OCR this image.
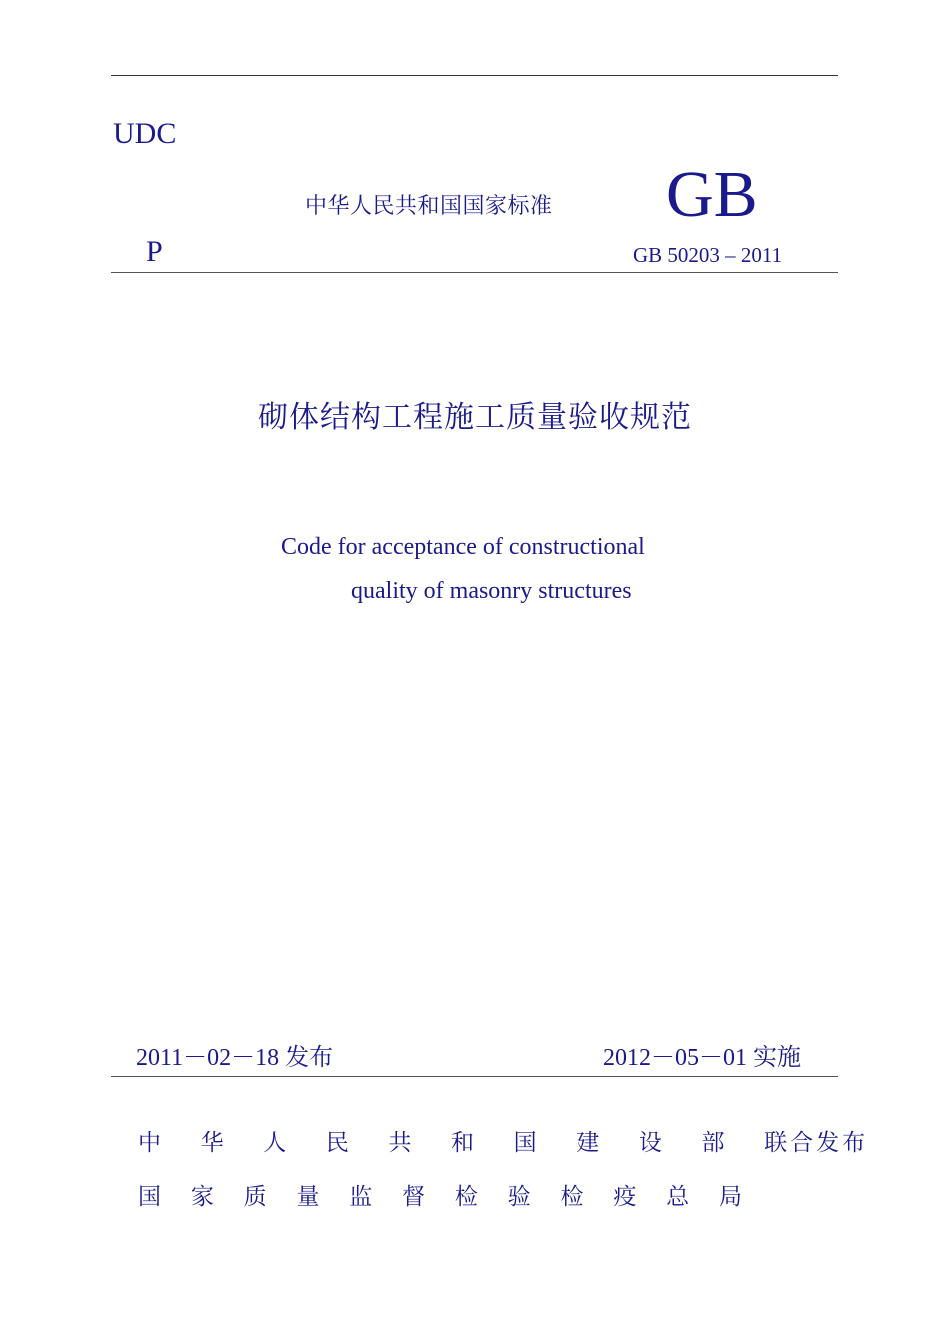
UDC
中华人民共和国国家标准 GB
P	GB 50203 – 2011
砌体结构工程施工质量验收规范
Code for acceptance of constructional
quality of masonry structures
2011－02－18 发布	2012－05－01 实施
中 华 人 民 共 和 国 建 设 部 联合发布
国 家 质 量 监 督 检 验 检 疫 总 局
